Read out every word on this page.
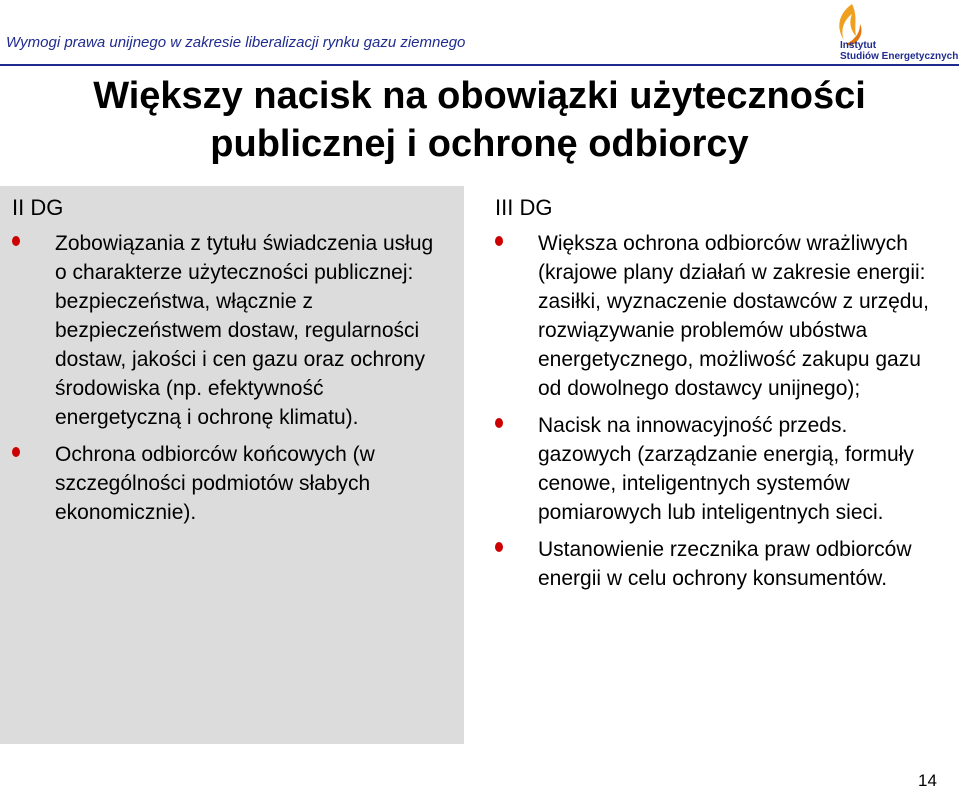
Wymogi prawa unijnego w zakresie liberalizacji rynku gazu ziemnego	Instytut
Studiów Energetycznych
Większy nacisk na obowiązki użyteczności
publicznej i ochronę odbiorcy
II DG
Zobowiązania z tytułu świadczenia usług o charakterze użyteczności publicznej: bezpieczeństwa, włącznie z bezpieczeństwem dostaw, regularności dostaw, jakości i cen gazu oraz ochrony środowiska (np. efektywność energetyczną i ochronę klimatu).
Ochrona odbiorców końcowych (w szczególności podmiotów słabych ekonomicznie).
III DG
Większa ochrona odbiorców wrażliwych (krajowe plany działań w zakresie energii: zasiłki, wyznaczenie dostawców z urzędu, rozwiązywanie problemów ubóstwa energetycznego, możliwość zakupu gazu od dowolnego dostawcy unijnego);
Nacisk na innowacyjność przeds. gazowych (zarządzanie energią, formuły cenowe, inteligentnych systemów pomiarowych lub inteligentnych sieci.
Ustanowienie rzecznika praw odbiorców energii w celu ochrony konsumentów.
14
